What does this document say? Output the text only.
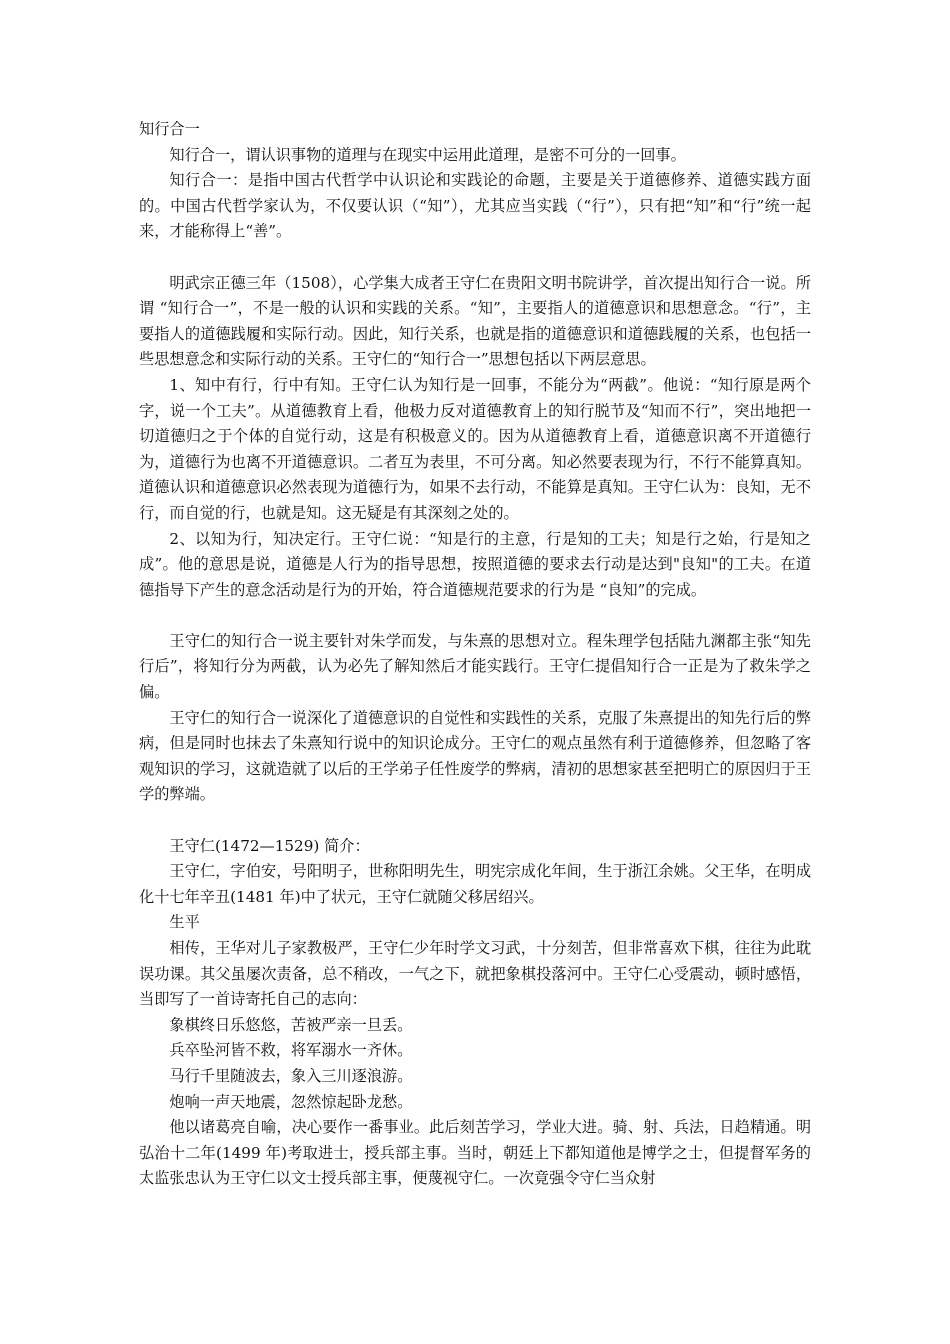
知行合一

知行合一，谓认识事物的道理与在现实中运用此道理，是密不可分的一回事。

知行合一：是指中国古代哲学中认识论和实践论的命题，主要是关于道德修养、道德实践方面的。中国古代哲学家认为，不仅要认识（“知”），尤其应当实践（“行”），只有把“知”和“行”统一起来，才能称得上“善”。

明武宗正德三年（1508），心学集大成者王守仁在贵阳文明书院讲学，首次提出知行合一说。所谓 “知行合一”，不是一般的认识和实践的关系。“知”，主要指人的道德意识和思想意念。“行”，主要指人的道德践履和实际行动。因此，知行关系，也就是指的道德意识和道德践履的关系，也包括一些思想意念和实际行动的关系。王守仁的“知行合一”思想包括以下两层意思。

1、知中有行，行中有知。王守仁认为知行是一回事，不能分为“两截”。他说：“知行原是两个字，说一个工夫”。从道德教育上看，他极力反对道德教育上的知行脱节及“知而不行”，突出地把一切道德归之于个体的自觉行动，这是有积极意义的。因为从道德教育上看，道德意识离不开道德行为，道德行为也离不开道德意识。二者互为表里，不可分离。知必然要表现为行，不行不能算真知。道德认识和道德意识必然表现为道德行为，如果不去行动，不能算是真知。王守仁认为：良知，无不行，而自觉的行，也就是知。这无疑是有其深刻之处的。

2、以知为行，知决定行。王守仁说：“知是行的主意，行是知的工夫；知是行之始，行是知之成”。他的意思是说，道德是人行为的指导思想，按照道德的要求去行动是达到"良知"的工夫。在道德指导下产生的意念活动是行为的开始，符合道德规范要求的行为是 “良知”的完成。

王守仁的知行合一说主要针对朱学而发，与朱熹的思想对立。程朱理学包括陆九渊都主张“知先行后”，将知行分为两截，认为必先了解知然后才能实践行。王守仁提倡知行合一正是为了救朱学之偏。

王守仁的知行合一说深化了道德意识的自觉性和实践性的关系，克服了朱熹提出的知先行后的弊病，但是同时也抹去了朱熹知行说中的知识论成分。王守仁的观点虽然有利于道德修养，但忽略了客观知识的学习，这就造就了以后的王学弟子任性废学的弊病，清初的思想家甚至把明亡的原因归于王学的弊端。

王守仁(1472—1529) 简介：

王守仁，字伯安，号阳明子，世称阳明先生，明宪宗成化年间，生于浙江余姚。父王华，在明成化十七年辛丑(1481 年)中了状元，王守仁就随父移居绍兴。

生平

相传，王华对儿子家教极严，王守仁少年时学文习武，十分刻苦，但非常喜欢下棋，往往为此耽误功课。其父虽屡次责备，总不稍改，一气之下，就把象棋投落河中。王守仁心受震动，顿时感悟，当即写了一首诗寄托自己的志向：

象棋终日乐悠悠，苦被严亲一旦丢。

兵卒坠河皆不救，将军溺水一齐休。

马行千里随波去，象入三川逐浪游。

炮响一声天地震，忽然惊起卧龙愁。

他以诸葛亮自喻，决心要作一番事业。此后刻苦学习，学业大进。骑、射、兵法，日趋精通。明弘治十二年(1499 年)考取进士，授兵部主事。当时，朝廷上下都知道他是博学之士，但提督军务的太监张忠认为王守仁以文士授兵部主事，便蔑视守仁。一次竟强令守仁当众射
